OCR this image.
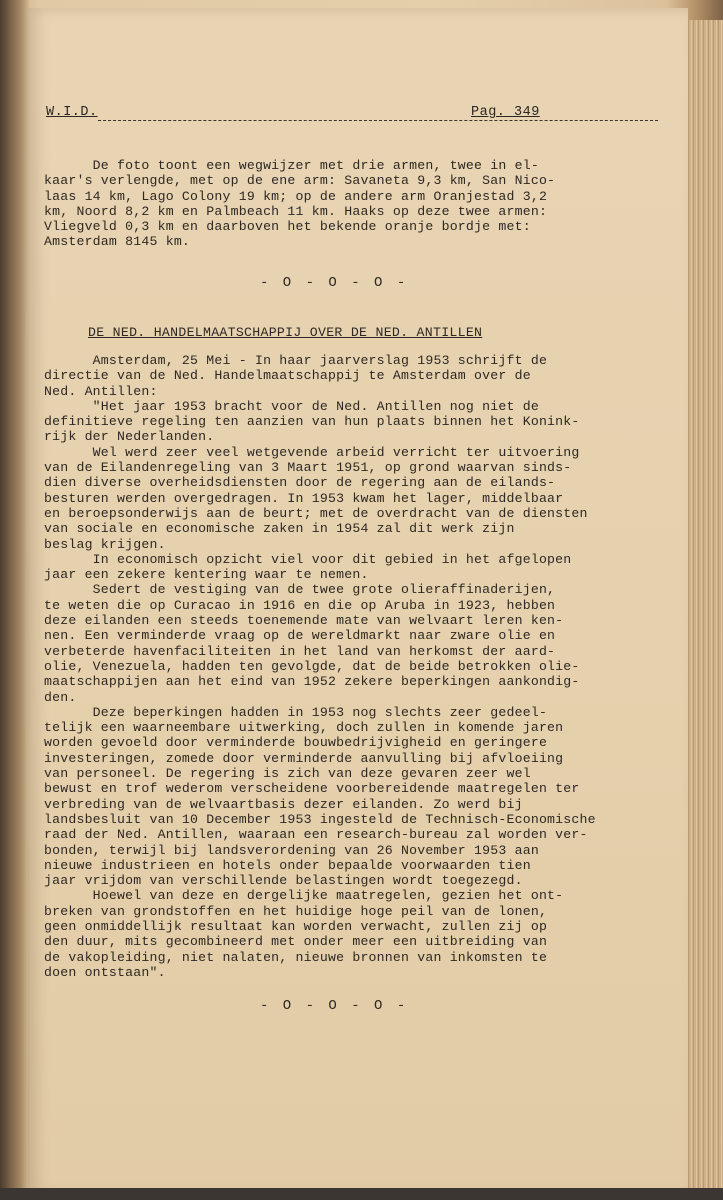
W.I.D.	Pag. 349
De foto toont een wegwijzer met drie armen, twee in el-
kaar's verlengde, met op de ene arm: Savaneta 9,3 km, San Nico-
laas 14 km, Lago Colony 19 km; op de andere arm Oranjestad 3,2
km, Noord 8,2 km en Palmbeach 11 km. Haaks op deze twee armen:
Vliegveld 0,3 km en daarboven het bekende oranje bordje met:
Amsterdam 8145 km.
- O - O - O -
DE NED. HANDELMAATSCHAPPIJ OVER DE NED. ANTILLEN
Amsterdam, 25 Mei - In haar jaarverslag 1953 schrijft de
directie van de Ned. Handelmaatschappij te Amsterdam over de
Ned. Antillen:
"Het jaar 1953 bracht voor de Ned. Antillen nog niet de
definitieve regeling ten aanzien van hun plaats binnen het Konink-
rijk der Nederlanden.
Wel werd zeer veel wetgevende arbeid verricht ter uitvoering
van de Eilandenregeling van 3 Maart 1951, op grond waarvan sinds-
dien diverse overheidsdiensten door de regering aan de eilands-
besturen werden overgedragen. In 1953 kwam het lager, middelbaar
en beroepsonderwijs aan de beurt; met de overdracht van de diensten
van sociale en economische zaken in 1954 zal dit werk zijn
beslag krijgen.
In economisch opzicht viel voor dit gebied in het afgelopen
jaar een zekere kentering waar te nemen.
Sedert de vestiging van de twee grote olieraffinaderijen,
te weten die op Curacao in 1916 en die op Aruba in 1923, hebben
deze eilanden een steeds toenemende mate van welvaart leren ken-
nen. Een verminderde vraag op de wereldmarkt naar zware olie en
verbeterde havenfaciliteiten in het land van herkomst der aard-
olie, Venezuela, hadden ten gevolgde, dat de beide betrokken olie-
maatschappijen aan het eind van 1952 zekere beperkingen aankondig-
den.
Deze beperkingen hadden in 1953 nog slechts zeer gedeel-
telijk een waarneembare uitwerking, doch zullen in komende jaren
worden gevoeld door verminderde bouwbedrijvigheid en geringere
investeringen, zomede door verminderde aanvulling bij afvloeiing
van personeel. De regering is zich van deze gevaren zeer wel
bewust en trof wederom verscheidene voorbereidende maatregelen ter
verbreding van de welvaartbasis dezer eilanden. Zo werd bij
landsbesluit van 10 December 1953 ingesteld de Technisch-Economische
raad der Ned. Antillen, waaraan een research-bureau zal worden ver-
bonden, terwijl bij landsverordening van 26 November 1953 aan
nieuwe industrieen en hotels onder bepaalde voorwaarden tien
jaar vrijdom van verschillende belastingen wordt toegezegd.
Hoewel van deze en dergelijke maatregelen, gezien het ont-
breken van grondstoffen en het huidige hoge peil van de lonen,
geen onmiddellijk resultaat kan worden verwacht, zullen zij op
den duur, mits gecombineerd met onder meer een uitbreiding van
de vakopleiding, niet nalaten, nieuwe bronnen van inkomsten te
doen ontstaan".
- O - O - O -
